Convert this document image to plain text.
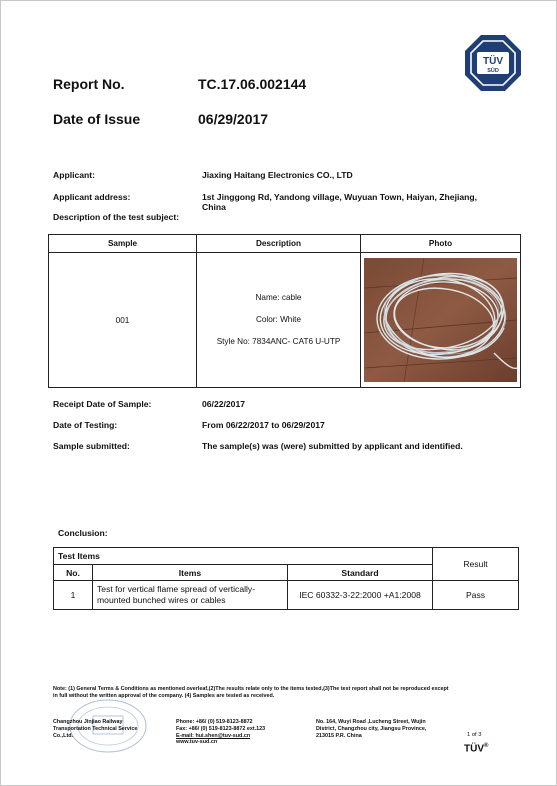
TÜV
SÜD
Report No.	TC.17.06.002144
Date of Issue	06/29/2017
Applicant:	Jiaxing Haitang Electronics CO., LTD
Applicant address:	1st Jinggong Rd, Yandong village, Wuyuan Town, Haiyan, Zhejiang,
China
Description of the test subject:
Sample	Description	Photo
001	Name: cable
Color: White
Style No: 7834ANC- CAT6 U-UTP

Receipt Date of Sample:	06/22/2017
Date of Testing:	From 06/22/2017 to 06/29/2017
Sample submitted:	The sample(s) was (were) submitted by applicant and identified.
Conclusion:
Test Items			Result
No.	Items	Standard	
1	Test for vertical flame spread of vertically-
mounted bunched wires or cables	IEC 60332-3-22:2000 +A1:2008	Pass
Note: (1) General Terms & Conditions as mentioned overleaf,(2)The results relate only to the items tested,(3)The test report shall not be reproduced except
in full without the written approval of the company. (4) Samples are tested as received.
Changzhou Jinjiao Railway
Transportation Technical Service
Co.,Ltd.
Phone: +86/ (0) 519-8123-8872
Fax: +86/ (0) 519-8123-8872 ext.123
E-mail: hui.shen@tuv-sud.cn
www.tuv-sud.cn
No. 164, Wuyi Road ,Lucheng Street, Wujin
District, Changzhou city, Jiangsu Province,
213015 P.R. China	1 of 3
TÜV®
